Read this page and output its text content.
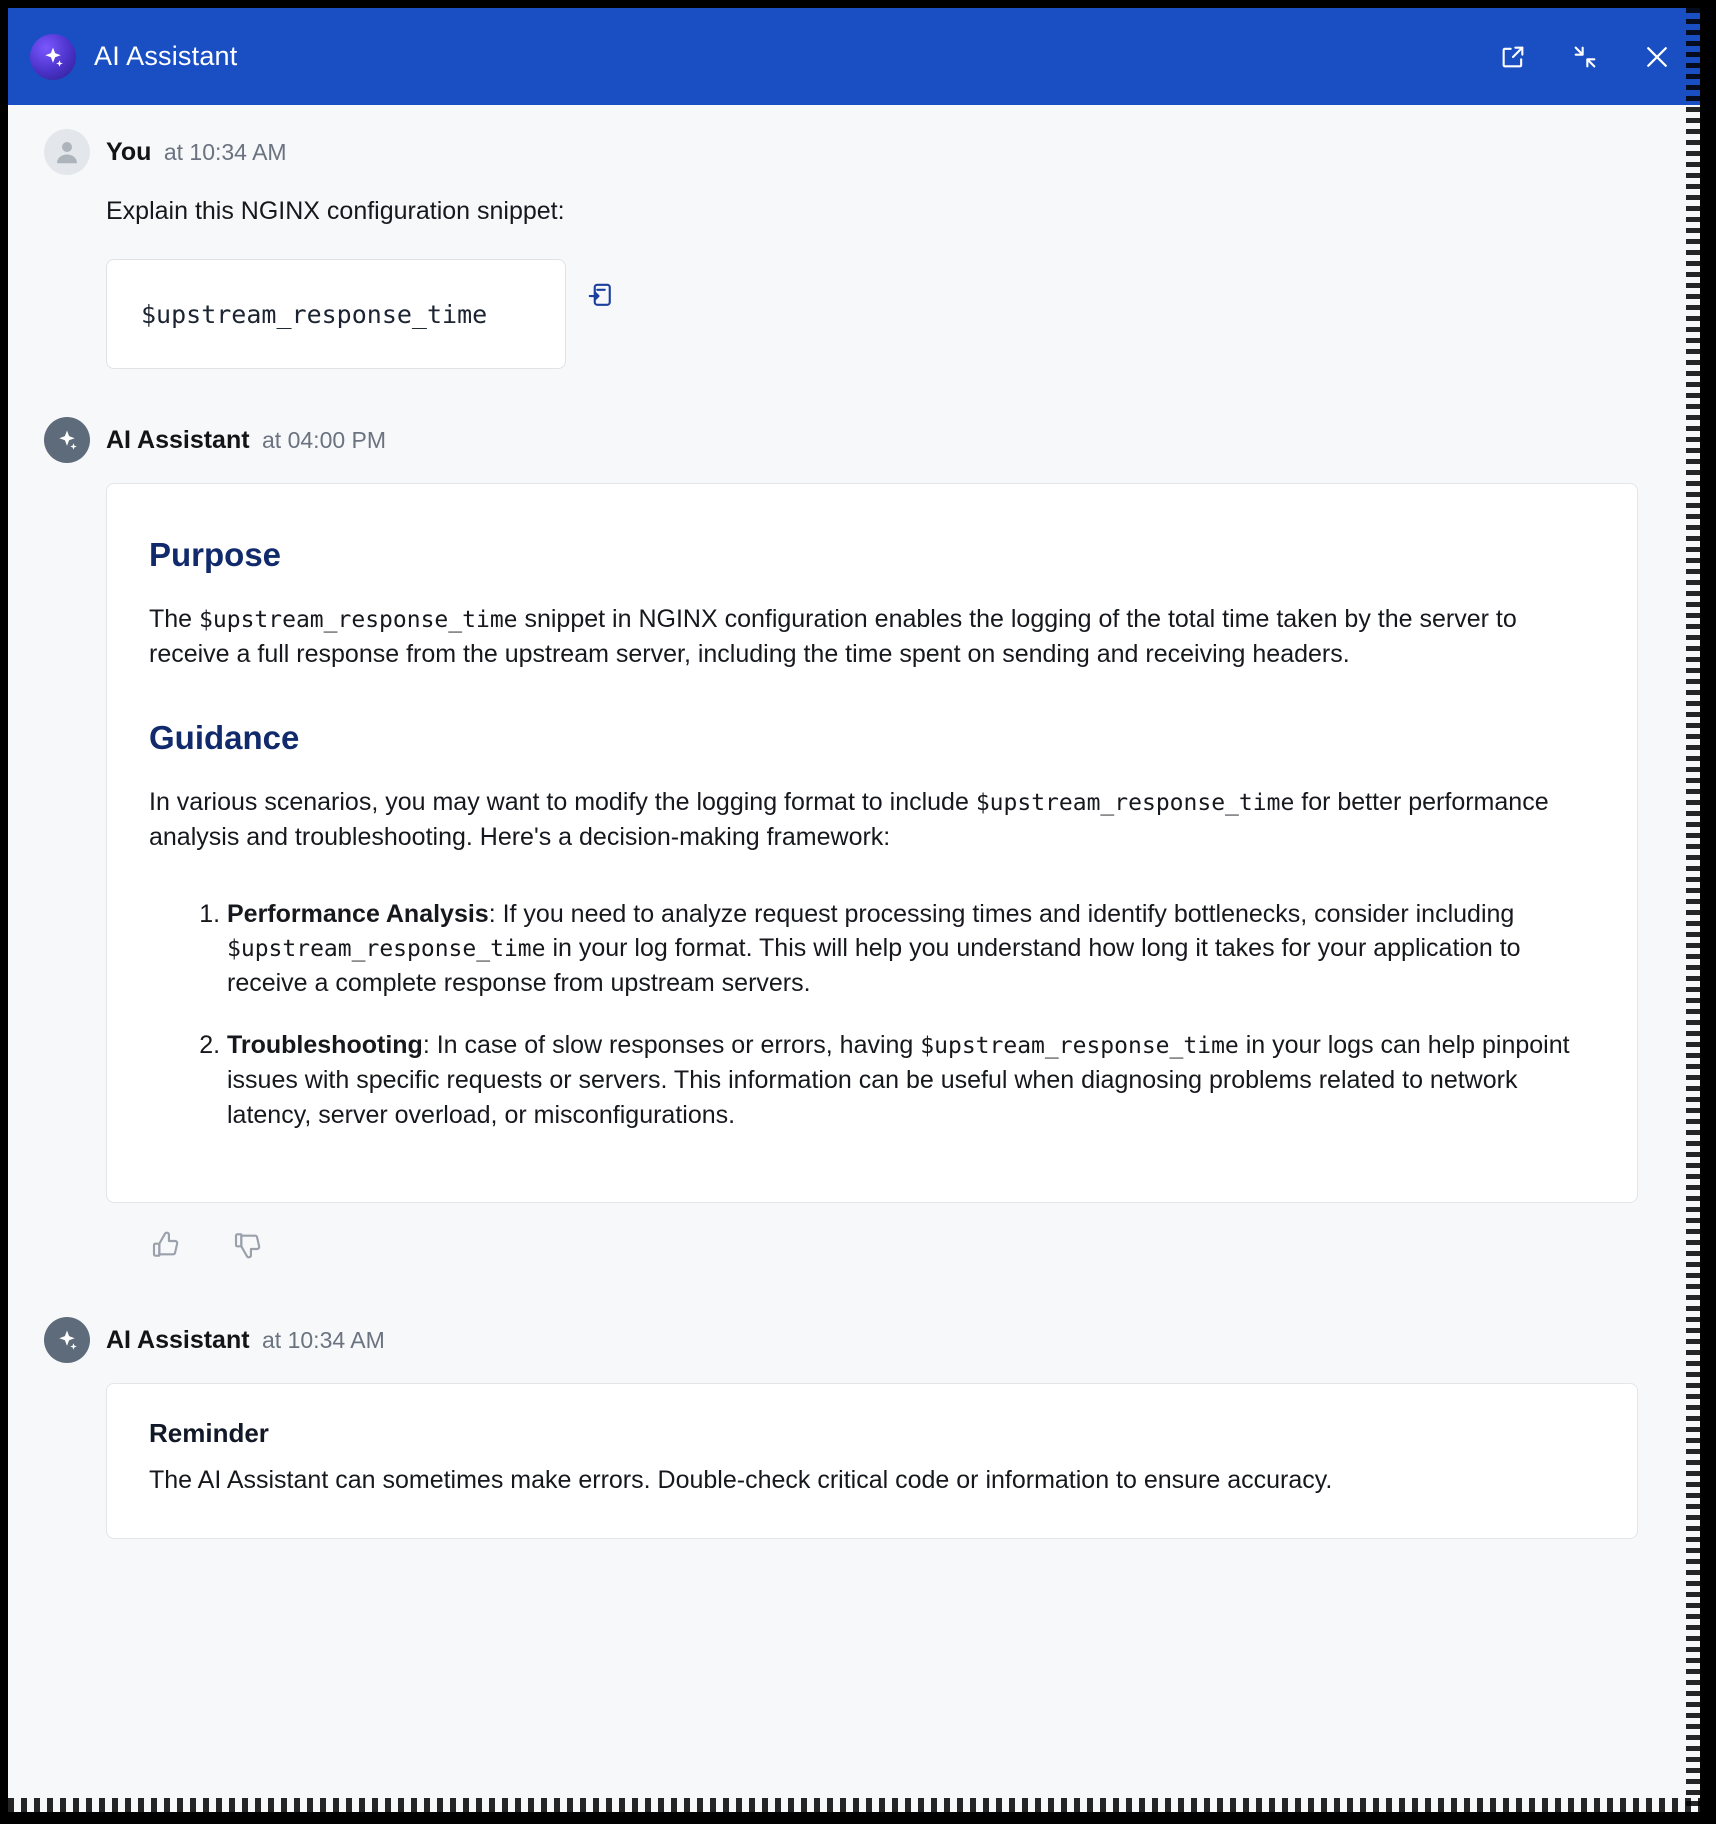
AI Assistant
You at 10:34 AM
Explain this NGINX configuration snippet:
$upstream_response_time
AI Assistant at 04:00 PM
Purpose

The $upstream_response_time snippet in NGINX configuration enables the logging of the total time taken by the server to receive a full response from the upstream server, including the time spent on sending and receiving headers.

Guidance

In various scenarios, you may want to modify the logging format to include $upstream_response_time for better performance analysis and troubleshooting. Here's a decision-making framework:

1. Performance Analysis: If you need to analyze request processing times and identify bottlenecks, consider including $upstream_response_time in your log format. This will help you understand how long it takes for your application to receive a complete response from upstream servers.
2. Troubleshooting: In case of slow responses or errors, having $upstream_response_time in your logs can help pinpoint issues with specific requests or servers. This information can be useful when diagnosing problems related to network latency, server overload, or misconfigurations.
AI Assistant at 10:34 AM
Reminder
The AI Assistant can sometimes make errors. Double-check critical code or information to ensure accuracy.
